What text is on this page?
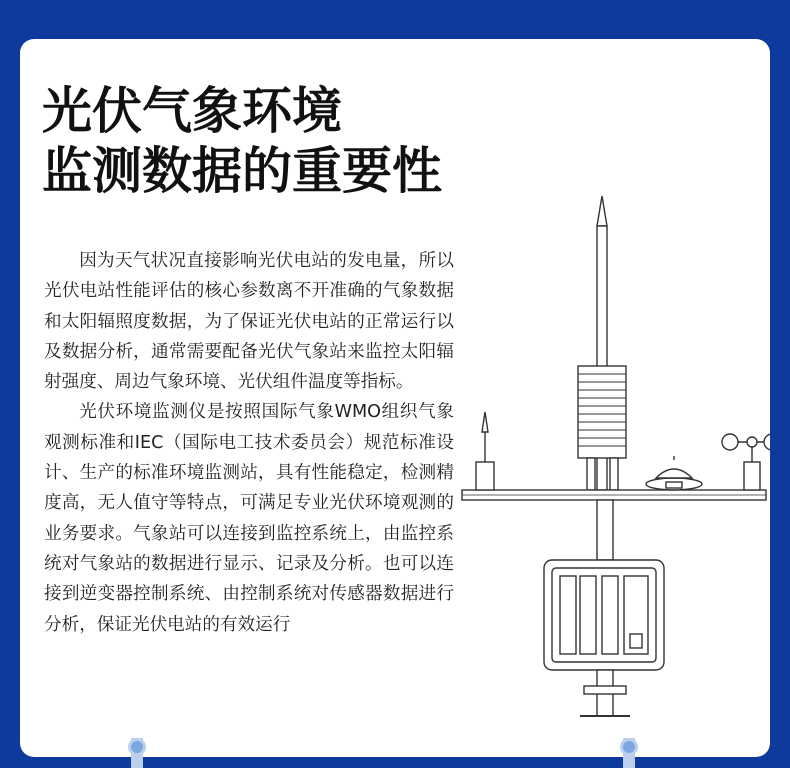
光伏气象环境
监测数据的重要性

因为天气状况直接影响光伏电站的发电量，所以光伏电站性能评估的核心参数离不开准确的气象数据和太阳辐照度数据，为了保证光伏电站的正常运行以及数据分析，通常需要配备光伏气象站来监控太阳辐射强度、周边气象环境、光伏组件温度等指标。

光伏环境监测仪是按照国际气象WMO组织气象观测标准和IEC（国际电工技术委员会）规范标准设计、生产的标准环境监测站，具有性能稳定，检测精度高，无人值守等特点，可满足专业光伏环境观测的业务要求。气象站可以连接到监控系统上，由监控系统对气象站的数据进行显示、记录及分析。也可以连接到逆变器控制系统、由控制系统对传感器数据进行分析，保证光伏电站的有效运行
